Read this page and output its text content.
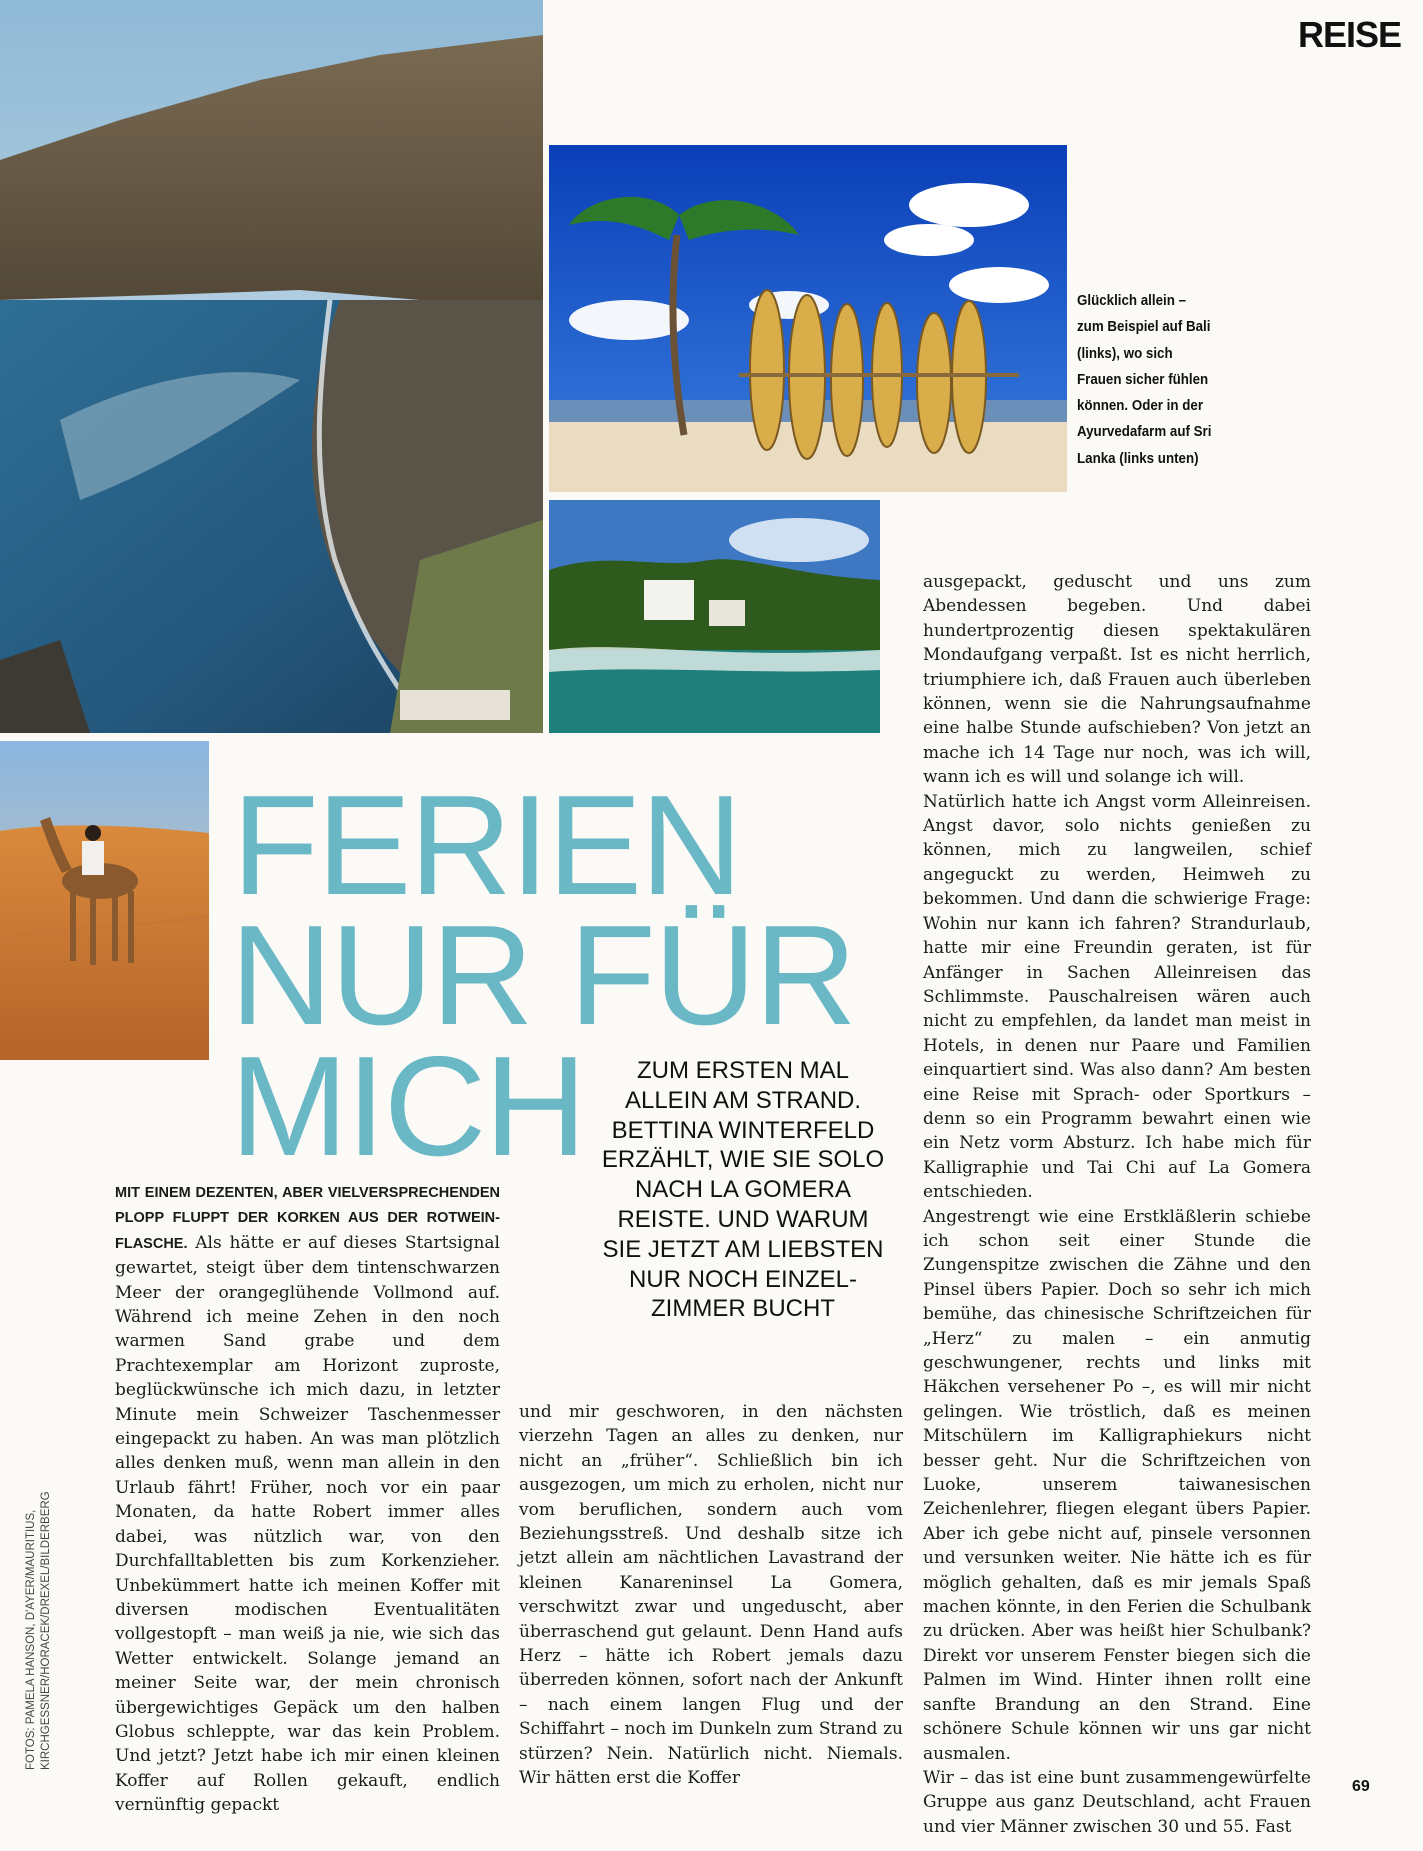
REISE
Glücklich allein – zum Beispiel auf Bali (links), wo sich Frauen sicher fühlen können. Oder in der Ayurvedafarm auf Sri Lanka (links unten)
FERIEN
NUR FÜR
MICH	ZUM ERSTEN MAL ALLEIN AM STRAND. BETTINA WINTERFELD ERZÄHLT, WIE SIE SOLO NACH LA GOMERA REISTE. UND WARUM SIE JETZT AM LIEBSTEN NUR NOCH EINZELZIMMER BUCHT

MIT EINEM DEZENTEN, ABER VIELVERSPRECHENDEN PLOPP FLUPPT DER KORKEN AUS DER ROTWEINFLASCHE. Als hätte er auf dieses Startsignal gewartet, steigt über dem tintenschwarzen Meer der orangeglühende Vollmond auf. Während ich meine Zehen in den noch warmen Sand grabe und dem Prachtexemplar am Horizont zuproste, beglückwünsche ich mich dazu, in letzter Minute mein Schweizer Taschenmesser eingepackt zu haben. An was man plötzlich alles denken muß, wenn man allein in den Urlaub fährt! Früher, noch vor ein paar Monaten, da hatte Robert immer alles dabei, was nützlich war, von den Durchfalltabletten bis zum Korkenzieher. Unbekümmert hatte ich meinen Koffer mit diversen modischen Eventualitäten vollgestopft – man weiß ja nie, wie sich das Wetter entwickelt. Solange jemand an meiner Seite war, der mein chronisch übergewichtiges Gepäck um den halben Globus schleppte, war das kein Problem. Und jetzt? Jetzt habe ich mir einen kleinen Koffer auf Rollen gekauft, endlich vernünftig gepackt

und mir geschworen, in den nächsten vierzehn Tagen an alles zu denken, nur nicht an „früher“. Schließlich bin ich ausgezogen, um mich zu erholen, nicht nur vom beruflichen, sondern auch vom Beziehungsstreß. Und deshalb sitze ich jetzt allein am nächtlichen Lavastrand der kleinen Kanareninsel La Gomera, verschwitzt zwar und ungeduscht, aber überraschend gut gelaunt. Denn Hand aufs Herz – hätte ich Robert jemals dazu überreden können, sofort nach der Ankunft – nach einem langen Flug und der Schiffahrt – noch im Dunkeln zum Strand zu stürzen? Nein. Natürlich nicht. Niemals. Wir hätten erst die Koffer

ausgepackt, geduscht und uns zum Abendessen begeben. Und dabei hundertprozentig diesen spektakulären Mondaufgang verpaßt. Ist es nicht herrlich, triumphiere ich, daß Frauen auch überleben können, wenn sie die Nahrungsaufnahme eine halbe Stunde aufschieben? Von jetzt an mache ich 14 Tage nur noch, was ich will, wann ich es will und solange ich will.

Natürlich hatte ich Angst vorm Alleinreisen. Angst davor, solo nichts genießen zu können, mich zu langweilen, schief angeguckt zu werden, Heimweh zu bekommen. Und dann die schwierige Frage: Wohin nur kann ich fahren? Strandurlaub, hatte mir eine Freundin geraten, ist für Anfänger in Sachen Alleinreisen das Schlimmste. Pauschalreisen wären auch nicht zu empfehlen, da landet man meist in Hotels, in denen nur Paare und Familien einquartiert sind. Was also dann? Am besten eine Reise mit Sprach- oder Sportkurs – denn so ein Programm bewahrt einen wie ein Netz vorm Absturz. Ich habe mich für Kalligraphie und Tai Chi auf La Gomera entschieden.

Angestrengt wie eine Erstkläßlerin schiebe ich schon seit einer Stunde die Zungenspitze zwischen die Zähne und den Pinsel übers Papier. Doch so sehr ich mich bemühe, das chinesische Schriftzeichen für „Herz“ zu malen – ein anmutig geschwungener, rechts und links mit Häkchen versehener Po –, es will mir nicht gelingen. Wie tröstlich, daß es meinen Mitschülern im Kalligraphiekurs nicht besser geht. Nur die Schriftzeichen von Luoke, unserem taiwanesischen Zeichenlehrer, fliegen elegant übers Papier. Aber ich gebe nicht auf, pinsele versonnen und versunken weiter. Nie hätte ich es für möglich gehalten, daß es mir jemals Spaß machen könnte, in den Ferien die Schulbank zu drücken. Aber was heißt hier Schulbank? Direkt vor unserem Fenster biegen sich die Palmen im Wind. Hinter ihnen rollt eine sanfte Brandung an den Strand. Eine schönere Schule können wir uns gar nicht ausmalen.

Wir – das ist eine bunt zusammengewürfelte Gruppe aus ganz Deutschland, acht Frauen und vier Männer zwischen 30 und 55. Fast

FOTOS: PAMELA HANSON, D'AYER/MAURITIUS, KIRCHGESSNER/HORACEK/DREXEL/BILDERBERG
69
